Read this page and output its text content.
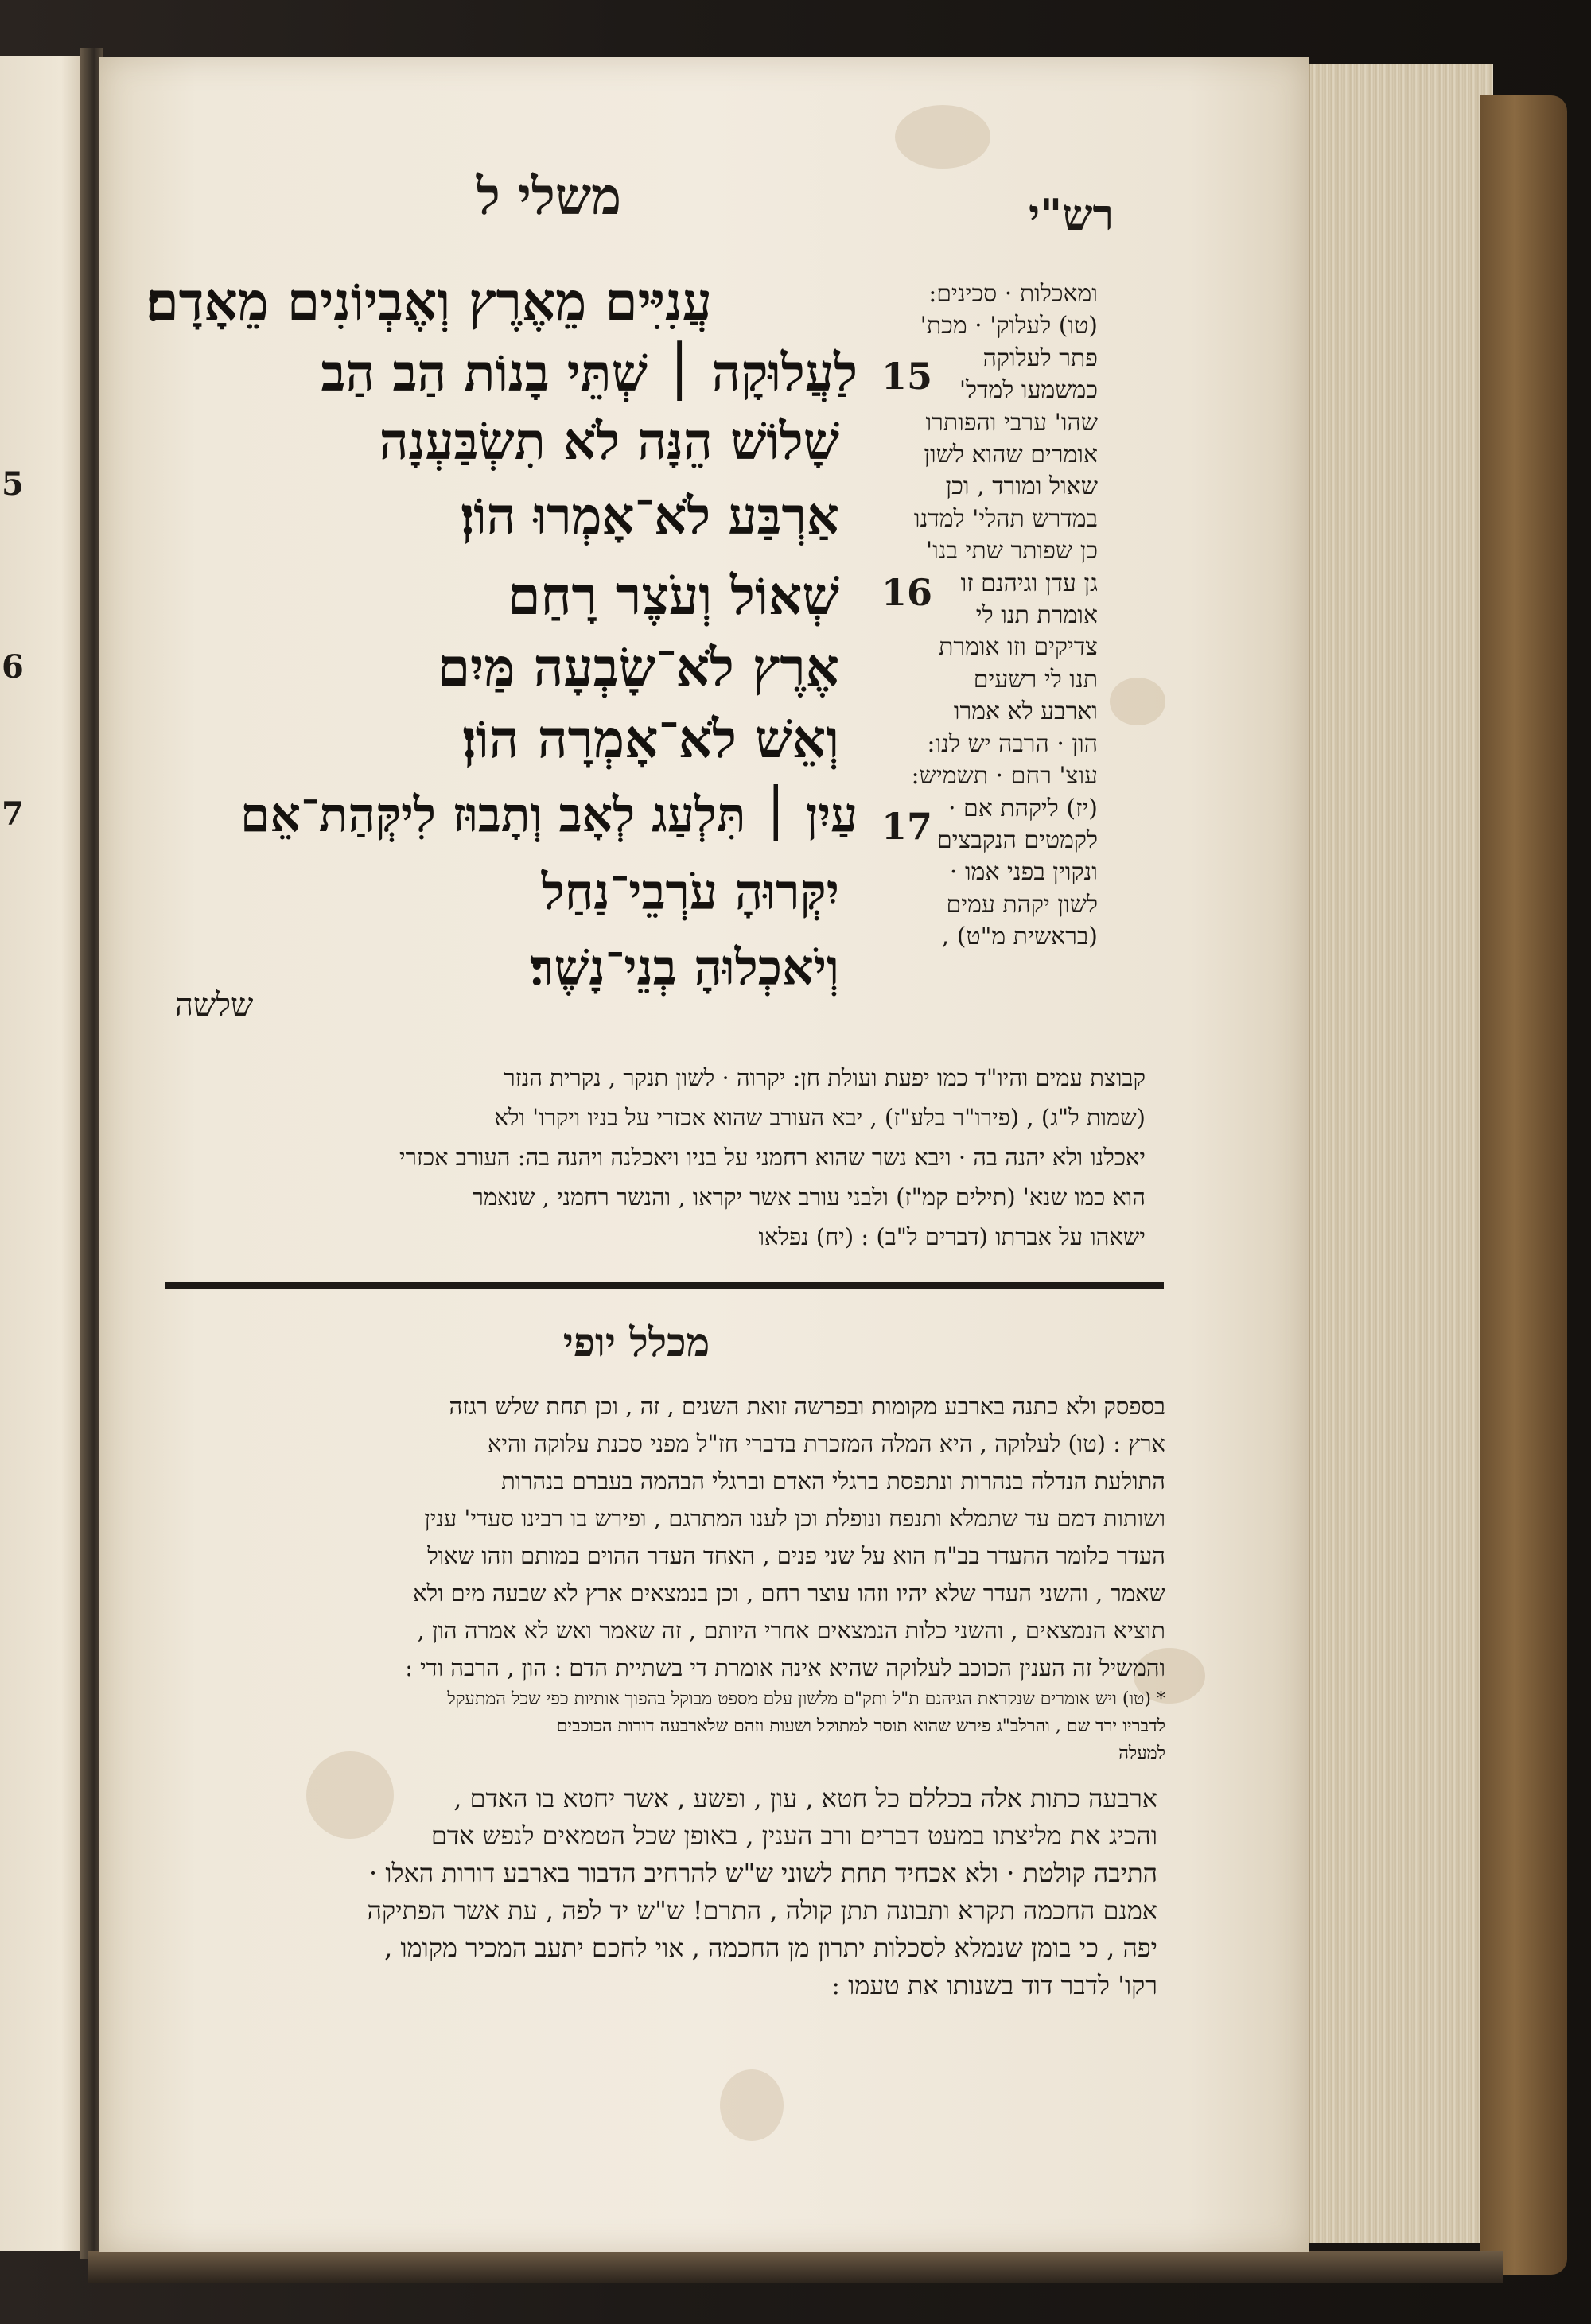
5
6
7
רש"י
משלי ל
עֲנִיִּים מֵאֶרֶץ וְאֶבְיוֹנִים מֵאָדָם׃
15
לַעֲלוּקָה ׀ שְׁתֵּי בָנוֹת הַב הַב
שָׁלוֹשׁ הֵנָּה לֹא תִשְׂבַּעְנָה
אַרְבַּע לֹא־אָמְרוּ הוֹן׃
16
שְׁאוֹל וְעֹצֶר רָחַם
אֶרֶץ לֹא־שָׂבְעָה מַּיִם
וְאֵשׁ לֹא־אָמְרָה הוֹן׃
17
עַיִן ׀ תִּלְעַג לְאָב וְתָבוּז לִיקְּהַת־אֵם
יִקְּרוּהָ עֹרְבֵי־נַחַל
וְיֹאכְלוּהָ בְנֵי־נָשֶׁר׃
שלשה
ומאכלות · סכינים:
(טו) לעלוק' · מכת'
פתר לעלוקה
כמשמעו למדל'
שהו' ערבי והפותרו
אומרים שהוא לשון
שאול ומורד , וכן
במדרש תהלי' למדנו
כן שפותר שתי בנו'
גן עדן וגיהנם זו
אומרת תנו לי
צדיקים וזו אומרת
תנו לי רשעים
וארבע לא אמרו
הון · הרבה יש לנו:
עוצ' רחם · תשמיש:
(יז) ליקהת אם ·
לקמטים הנקבצים
ונקוין בפני אמו ·
לשון יקהת עמים
(בראשית מ"ט) ,
קבוצת עמים והיו"ד כמו יפעת ועולת חן: יקרוה · לשון תנקר , נקרית הנזר
(שמות ל"ג) , (פירו"ר בלע"ז) , יבא העורב שהוא אכזרי על בניו ויקרו' ולא
יאכלנו ולא יהנה בה · ויבא נשר שהוא רחמני על בניו ויאכלנה ויהנה בה: העורב אכזרי
הוא כמו שנא' (תילים קמ"ז) ולבני עורב אשר יקראו , והנשר רחמני , שנאמר
ישאהו על אברתו (דברים ל"ב) : (יח) נפלאו
מכלל יופי
בספסק ולא כתנה בארבע מקומות ובפרשה זואת השנים , זה , וכן תחת שלש רגזה
ארץ : (טו) לעלוקה , היא המלה המזכרת בדברי חז"ל מפני סכנת עלוקה והיא
התולעת הנדלה בנהרות ונתפסת ברגלי האדם וברגלי הבהמה בעברם בנהרות
ושותות דמם עד שתמלא ותנפח ונופלת וכן לענו המתרגם , ופירש בו רבינו סעדי' ענין
העדר כלומר ההעדר בב"ח הוא על שני פנים , האחד העדר ההוים במותם וזהו שאול
שאמר , והשני העדר שלא יהיו וזהו עוצר רחם , וכן בנמצאים ארץ לא שבעה מים ולא
תוציא הנמצאים , והשני כלות הנמצאים אחרי היותם , זה שאמר ואש לא אמרה הון ,
והמשיל זה הענין הכוכב לעלוקה שהיא אינה אומרת די בשתיית הדם : הון , הרבה ודי :
* (טו) ויש אומרים שנקראת הגיהנם ת"ל ותק"ם מלשון עלם מספט מבוקל בהפוך אותיות כפי שכל המתעקל
לדבריו ירד שם , והרלב"ג פירש שהוא תוסר למתוקל ושעות וזהם שלארבעה דורות הכוכבים
למעלה
ארבעה כתות אלה בכללם כל חטא , עון , ופשע , אשר יחטא בו האדם ,
והכיג את מליצתו במעט דברים ורב הענין , באופן שכל הטמאים לנפש אדם
התיבה קולטת · ולא אכחיד תחת לשוני ש"ש להרחיב הדבור בארבע דורות האלו ·
אמנם החכמה תקרא ותבונה תתן קולה , התרם! ש"ש יד לפה , עת אשר הפתיקה
יפה , כי בומן שנמלא לסכלות יתרון מן החכמה , אוי לחכם יתעב המכיר מקומו ,
רקו' לדבר דוד בשנותו את טעמו :
